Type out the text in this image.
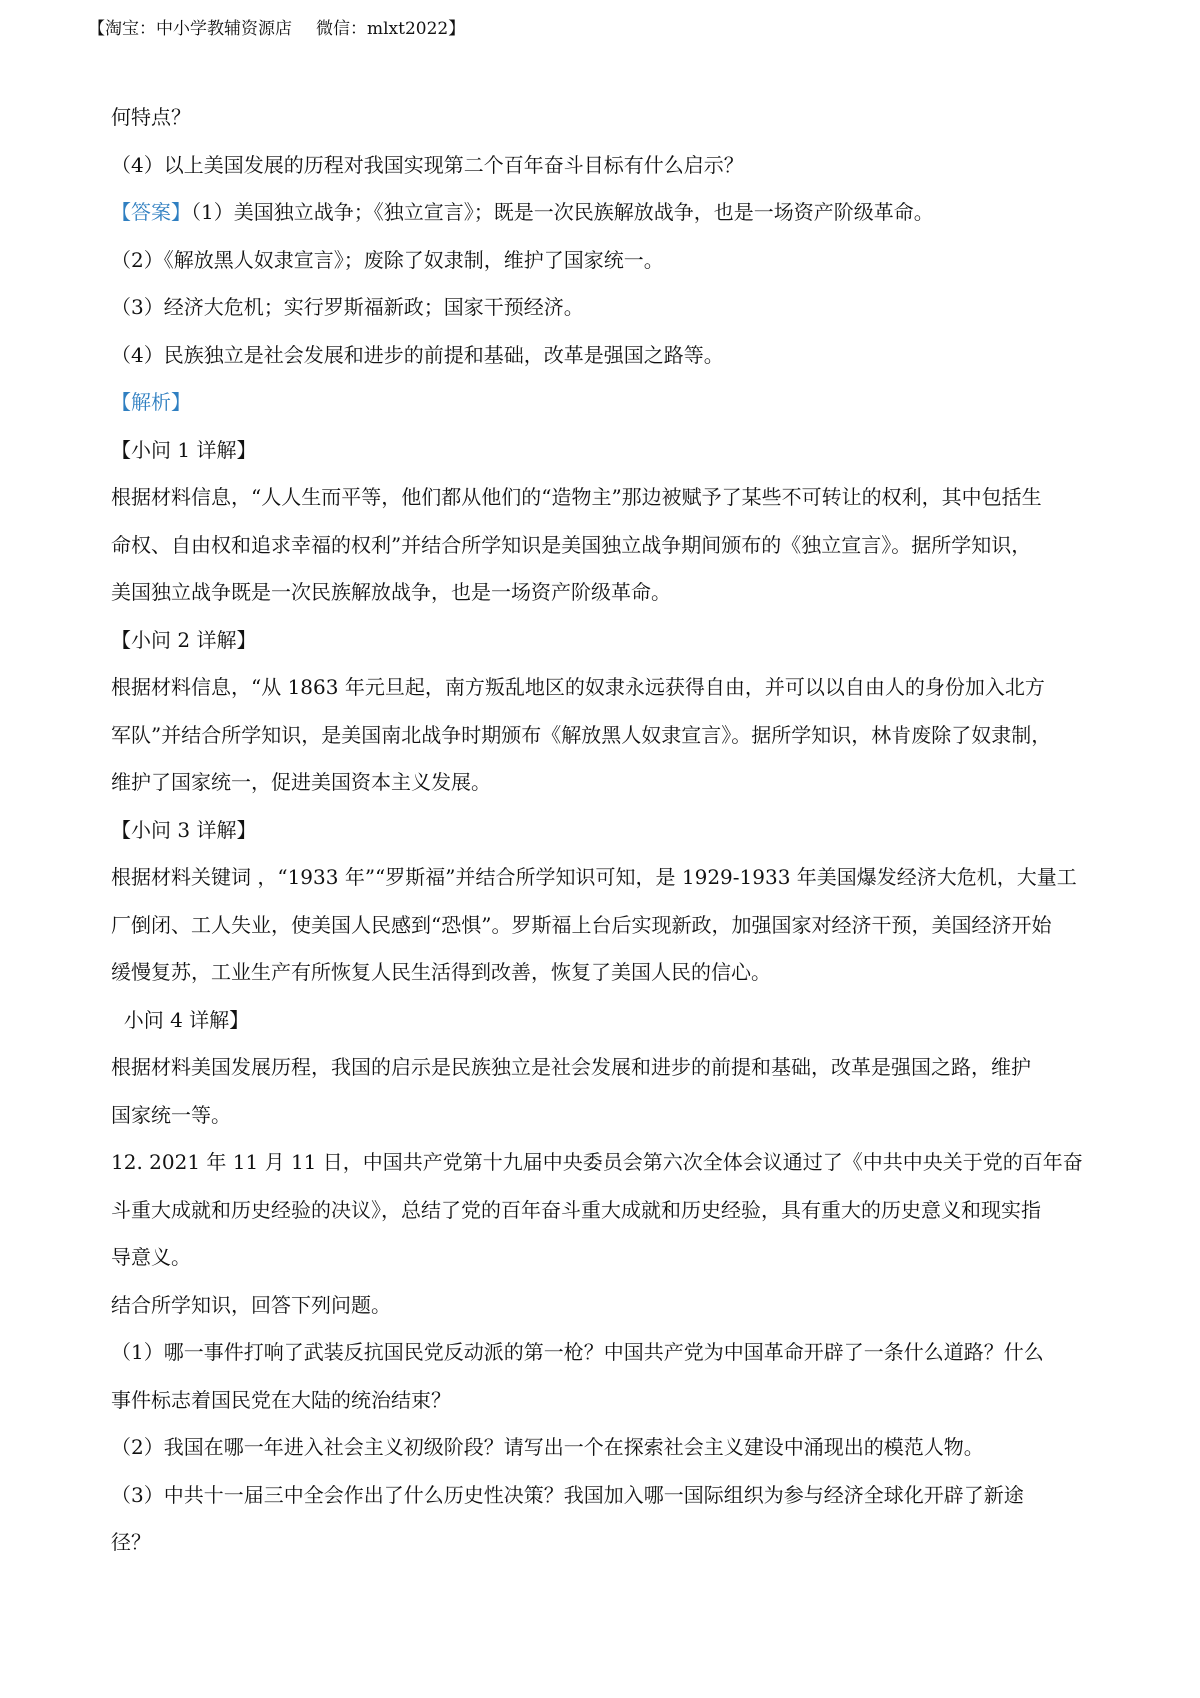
【淘宝：中小学教辅资源店 微信：mlxt2022】
何特点？
（4）以上美国发展的历程对我国实现第二个百年奋斗目标有什么启示？
【答案】（1）美国独立战争；《独立宣言》；既是一次民族解放战争，也是一场资产阶级革命。
（2）《解放黑人奴隶宣言》；废除了奴隶制，维护了国家统一。
（3）经济大危机；实行罗斯福新政；国家干预经济。
（4）民族独立是社会发展和进步的前提和基础，改革是强国之路等。
【解析】
【小问 1 详解】
根据材料信息，“人人生而平等，他们都从他们的“造物主”那边被赋予了某些不可转让的权利，其中包括生
命权、自由权和追求幸福的权利”并结合所学知识是美国独立战争期间颁布的《独立宣言》。据所学知识，
美国独立战争既是一次民族解放战争，也是一场资产阶级革命。
【小问 2 详解】
根据材料信息，“从 1863 年元旦起，南方叛乱地区的奴隶永远获得自由，并可以以自由人的身份加入北方
军队”并结合所学知识，是美国南北战争时期颁布《解放黑人奴隶宣言》。据所学知识，林肯废除了奴隶制，
维护了国家统一，促进美国资本主义发展。
【小问 3 详解】
根据材料关键词 ，“1933 年”“罗斯福”并结合所学知识可知，是 1929-1933 年美国爆发经济大危机，大量工
厂倒闭、工人失业，使美国人民感到“恐惧”。罗斯福上台后实现新政，加强国家对经济干预，美国经济开始
缓慢复苏，工业生产有所恢复人民生活得到改善，恢复了美国人民的信心。
小问 4 详解】
根据材料美国发展历程，我国的启示是民族独立是社会发展和进步的前提和基础，改革是强国之路，维护
国家统一等。
12. 2021 年 11 月 11 日，中国共产党第十九届中央委员会第六次全体会议通过了《中共中央关于党的百年奋
斗重大成就和历史经验的决议》，总结了党的百年奋斗重大成就和历史经验，具有重大的历史意义和现实指
导意义。
结合所学知识，回答下列问题。
（1）哪一事件打响了武装反抗国民党反动派的第一枪？中国共产党为中国革命开辟了一条什么道路？什么
事件标志着国民党在大陆的统治结束？
（2）我国在哪一年进入社会主义初级阶段？请写出一个在探索社会主义建设中涌现出的模范人物。
（3）中共十一届三中全会作出了什么历史性决策？我国加入哪一国际组织为参与经济全球化开辟了新途
径？
